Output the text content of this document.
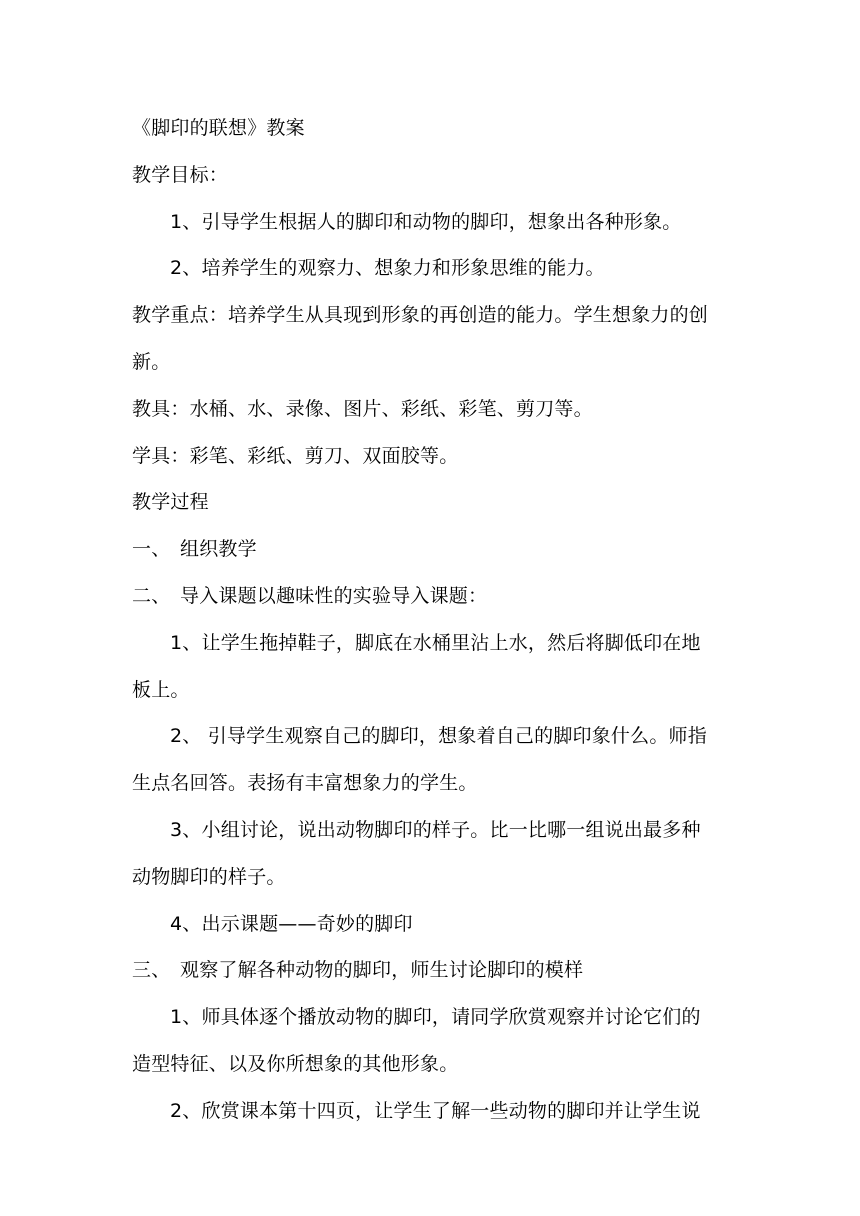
《脚印的联想》教案
教学目标：
1、引导学生根据人的脚印和动物的脚印，想象出各种形象。
2、培养学生的观察力、想象力和形象思维的能力。
教学重点：培养学生从具现到形象的再创造的能力。学生想象力的创
新。
教具：水桶、水、录像、图片、彩纸、彩笔、剪刀等。
学具：彩笔、彩纸、剪刀、双面胶等。
教学过程
一、 组织教学
二、 导入课题以趣味性的实验导入课题：
1、让学生拖掉鞋子，脚底在水桶里沾上水，然后将脚低印在地
板上。
2、 引导学生观察自己的脚印，想象着自己的脚印象什么。师指
生点名回答。表扬有丰富想象力的学生。
3、小组讨论，说出动物脚印的样子。比一比哪一组说出最多种
动物脚印的样子。
4、出示课题——奇妙的脚印
三、 观察了解各种动物的脚印，师生讨论脚印的模样
1、师具体逐个播放动物的脚印，请同学欣赏观察并讨论它们的
造型特征、以及你所想象的其他形象。
2、欣赏课本第十四页，让学生了解一些动物的脚印并让学生说
